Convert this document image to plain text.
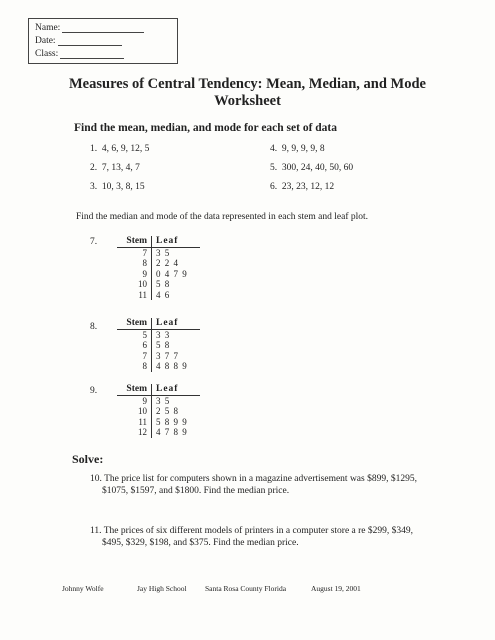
Name:
Date:
Class:
Measures of Central Tendency: Mean, Median, and Mode
Worksheet
Find the mean, median, and mode for each set of data
1. 4, 6, 9, 12, 5
2. 7, 13, 4, 7
3. 10, 3, 8, 15
4. 9, 9, 9, 9, 8
5. 300, 24, 40, 50, 60
6. 23, 23, 12, 12
Find the median and mode of the data represented in each stem and leaf plot.
7.	Stem	Leaf
7	3 5
8	2 2 4
9	0 4 7 9
10	5 8
11	4 6
8.	Stem	Leaf
5	3 3
6	5 8
7	3 7 7
8	4 8 8 9
9.	Stem	Leaf
9	3 5
10	2 5 8
11	5 8 9 9
12	4 7 8 9
Solve:
10. The price list for computers shown in a magazine advertisement was $899, $1295,
$1075, $1597, and $1800. Find the median price.
11. The prices of six different models of printers in a computer store a re $299, $349,
$495, $329, $198, and $375. Find the median price.
Johnny Wolfe	Jay High School Santa Rosa County Florida	August 19, 2001
